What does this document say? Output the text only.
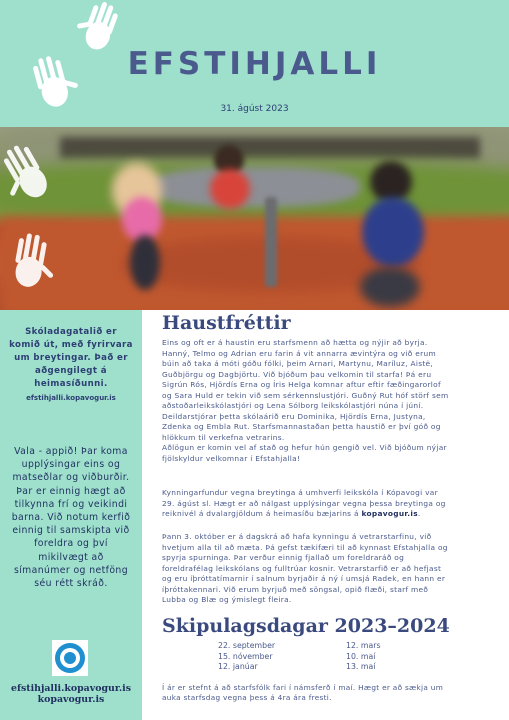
EFSTIHJALLI
31. ágúst 2023
Skóladagatalið er komið út, með fyrirvara um breytingar. Það er aðgengilegt á heimasíðunni.
efstihjalli.kopavogur.is
Vala - appið! Þar koma upplýsingar eins og matseðlar og viðburðir. Þar er einnig hægt að tilkynna frí og veikindi barna. Við notum kerfið einnig til samskipta við foreldra og því mikilvægt að símanúmer og netföng séu rétt skráð.
efstihjalli.kopavogur.is
kopavogur.is
Haustfréttir
Eins og oft er á haustin eru starfsmenn að hætta og nýjir að byrja. Hanný, Telmo og Adrian eru farin á vit annarra ævintýra og við erum búin að taka á móti góðu fólki, þeim Arnari, Martynu, Maríluz, Aistė, Guðbjörgu og Dagbjörtu. Við bjóðum þau velkomin til starfa! Þá eru Sigrún Rós, Hjördís Erna og Íris Helga komnar aftur eftir fæðingarorlof og Sara Huld er tekin við sem sérkennslustjóri. Guðný Rut hóf störf sem aðstoðarleikskólastjóri og Lena Sólborg leikskólastjóri núna í júní. Deildarstjórar þetta skólaárið eru Dominika, Hjördís Erna, Justyna, Zdenka og Embla Rut. Starfsmannastaðan þetta haustið er því góð og hlökkum til verkefna vetrarins.
Aðlögun er komin vel af stað og hefur hún gengið vel. Við bjóðum nýjar fjölskyldur velkomnar í Efstahjalla!
Kynningarfundur vegna breytinga á umhverfi leikskóla í Kópavogi var 29. ágúst sl. Hægt er að nálgast upplýsingar vegna þessa breytinga og reiknivél á dvalargjöldum á heimasíðu bæjarins á kopavogur.is.
Þann 3. október er á dagskrá að hafa kynningu á vetrarstarfinu, við hvetjum alla til að mæta. Þá gefst tækifæri til að kynnast Efstahjalla og spyrja spurninga. Þar verður einnig fjallað um foreldraráð og foreldrafélag leikskólans og fulltrúar kosnir. Vetrarstarfið er að hefjast og eru íþróttatímarnir í salnum byrjaðir á ný í umsjá Radek, en hann er íþróttakennari. Við erum byrjuð með söngsal, opið flæði, starf með Lubba og Blæ og ýmislegt fleira.
Skipulagsdagar 2023–2024
22. september
15. nóvember
12. janúar
12. mars
10. maí
13. maí
Í ár er stefnt á að starfsfólk fari í námsferð í maí. Hægt er að sækja um auka starfsdag vegna þess á 4ra ára fresti.
